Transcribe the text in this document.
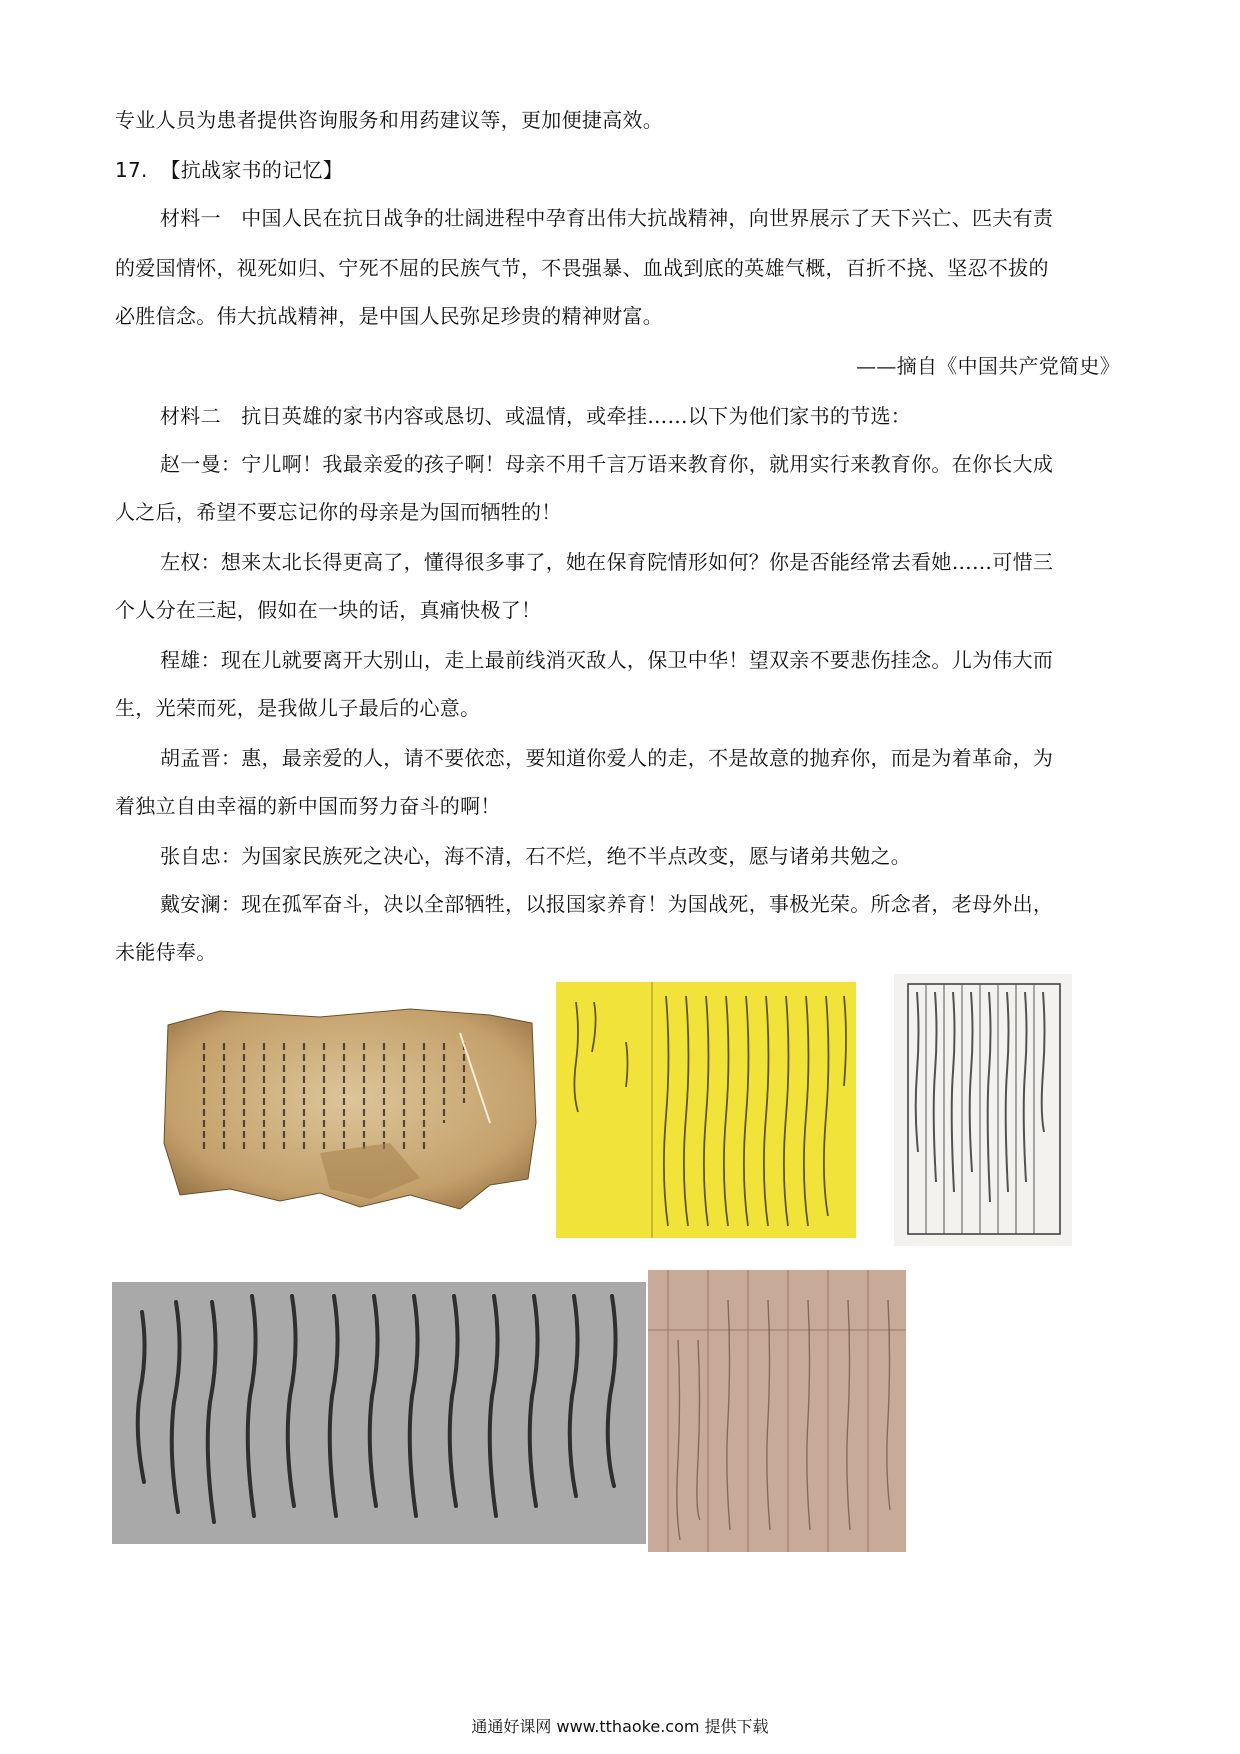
专业人员为患者提供咨询服务和用药建议等，更加便捷高效。
17. 【抗战家书的记忆】
材料一　中国人民在抗日战争的壮阔进程中孕育出伟大抗战精神，向世界展示了天下兴亡、匹夫有责
的爱国情怀，视死如归、宁死不屈的民族气节，不畏强暴、血战到底的英雄气概，百折不挠、坚忍不拔的
必胜信念。伟大抗战精神，是中国人民弥足珍贵的精神财富。
——摘自《中国共产党简史》
材料二　抗日英雄的家书内容或恳切、或温情，或牵挂……以下为他们家书的节选：
赵一曼：宁儿啊！我最亲爱的孩子啊！母亲不用千言万语来教育你，就用实行来教育你。在你长大成
人之后，希望不要忘记你的母亲是为国而牺牲的！
左权：想来太北长得更高了，懂得很多事了，她在保育院情形如何？你是否能经常去看她……可惜三
个人分在三起，假如在一块的话，真痛快极了！
程雄：现在儿就要离开大别山，走上最前线消灭敌人，保卫中华！望双亲不要悲伤挂念。儿为伟大而
生，光荣而死，是我做儿子最后的心意。
胡孟晋：惠，最亲爱的人，请不要依恋，要知道你爱人的走，不是故意的抛弃你，而是为着革命，为
着独立自由幸福的新中国而努力奋斗的啊！
张自忠：为国家民族死之决心，海不清，石不烂，绝不半点改变，愿与诸弟共勉之。
戴安澜：现在孤军奋斗，决以全部牺牲，以报国家养育！为国战死，事极光荣。所念者，老母外出，
未能侍奉。
通通好课网 www.tthaoke.com 提供下载
